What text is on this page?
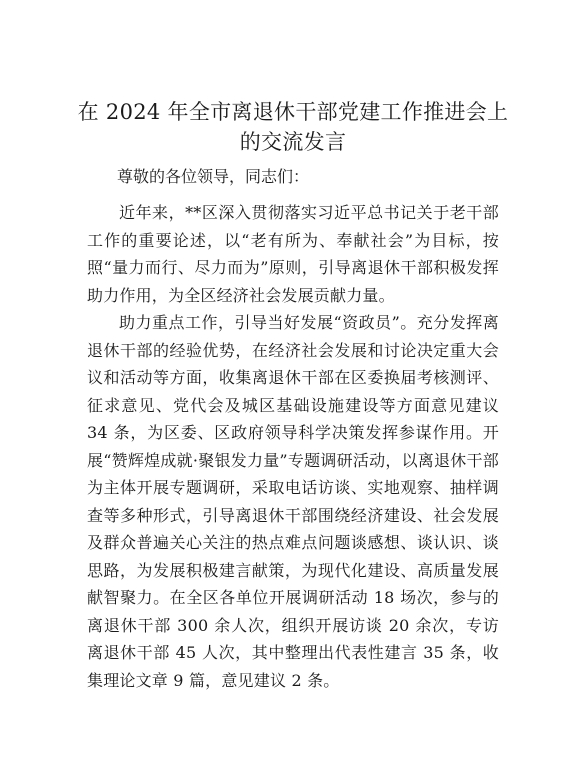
在 2024 年全市离退休干部党建工作推进会上的交流发言

尊敬的各位领导，同志们：

近年来，**区深入贯彻落实习近平总书记关于老干部工作的重要论述，以“老有所为、奉献社会”为目标，按照“量力而行、尽力而为”原则，引导离退休干部积极发挥助力作用，为全区经济社会发展贡献力量。

助力重点工作，引导当好发展“资政员”。充分发挥离退休干部的经验优势，在经济社会发展和讨论决定重大会议和活动等方面，收集离退休干部在区委换届考核测评、征求意见、党代会及城区基础设施建设等方面意见建议 34 条，为区委、区政府领导科学决策发挥参谋作用。开展“赞辉煌成就·聚银发力量”专题调研活动，以离退休干部为主体开展专题调研，采取电话访谈、实地观察、抽样调查等多种形式，引导离退休干部围绕经济建设、社会发展及群众普遍关心关注的热点难点问题谈感想、谈认识、谈思路，为发展积极建言献策，为现代化建设、高质量发展献智聚力。在全区各单位开展调研活动 18 场次，参与的离退休干部 300 余人次，组织开展访谈 20 余次，专访离退休干部 45 人次，其中整理出代表性建言 35 条，收集理论文章 9 篇，意见建议 2 条。
